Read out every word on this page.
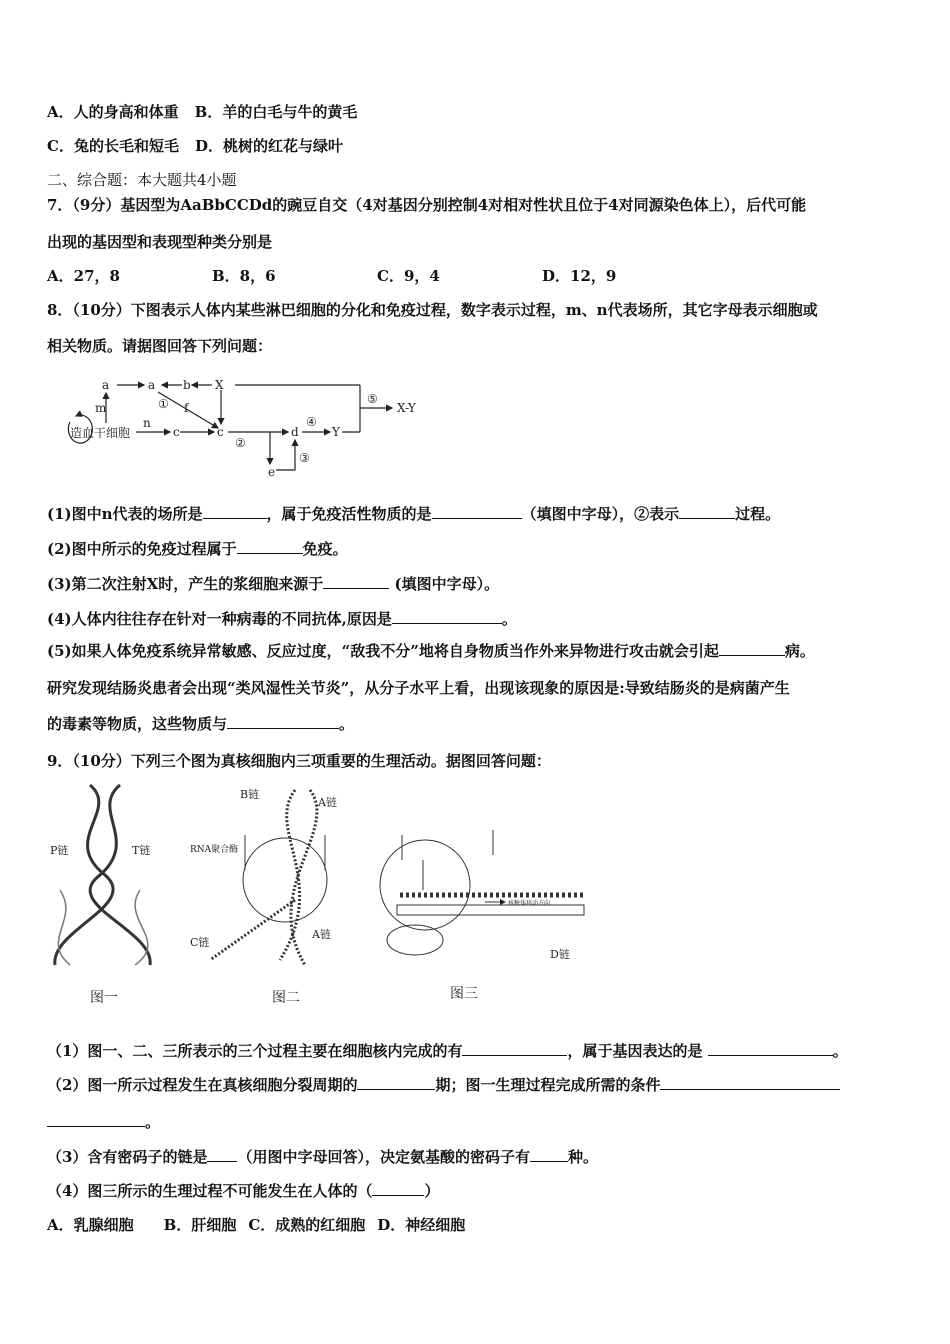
A．人的身高和体重 B．羊的白毛与牛的黄毛
C．兔的长毛和短毛 D．桃树的红花与绿叶
二、综合题：本大题共4小题
7．（9分）基因型为AaBbCCDd的豌豆自交（4对基因分别控制4对相对性状且位于4对同源染色体上），后代可能
出现的基因型和表现型种类分别是
A．27，8	B．8，6	C．9，4	D．12，9
8．（10分）下图表示人体内某些淋巴细胞的分化和免疫过程，数字表示过程，m、n代表场所，其它字母表示细胞或
相关物质。请据图回答下列问题：
造血干细胞
a	a b X
m
n
c	c
f
①
②
d
e
③
④
Y
⑤
X-Y
(1)图中n代表的场所是	，属于免疫活性物质的是	（填图中字母），②表示	过程。
(2)图中所示的免疫过程属于	免疫。
(3)第二次注射X时，产生的浆细胞来源于	(填图中字母）。
(4)人体内往往存在针对一种病毒的不同抗体,原因是	。
(5)如果人体免疫系统异常敏感、反应过度，“敌我不分”地将自身物质当作外来异物进行攻击就会引起	病。
研究发现结肠炎患者会出现“类风湿性关节炎”，从分子水平上看，出现该现象的原因是:导致结肠炎的是病菌产生
的毒素等物质，这些物质与	。
9．（10分）下列三个图为真核细胞内三项重要的生理活动。据图回答问题：
P链	T链
图一
B链
A链
RNA聚合酶
A链
C链
图二
核糖体移动方向
D链
图三
（1）图一、二、三所表示的三个过程主要在细胞核内完成的有	，属于基因表达的是	。
（2）图一所示过程发生在真核细胞分裂周期的	期；图一生理过程完成所需的条件
。
（3）含有密码子的链是 （用图中字母回答），决定氨基酸的密码子有	种。
（4）图三所示的生理过程不可能发生在人体的（	）
A．乳腺细胞 B．肝细胞 C．成熟的红细胞 D．神经细胞
